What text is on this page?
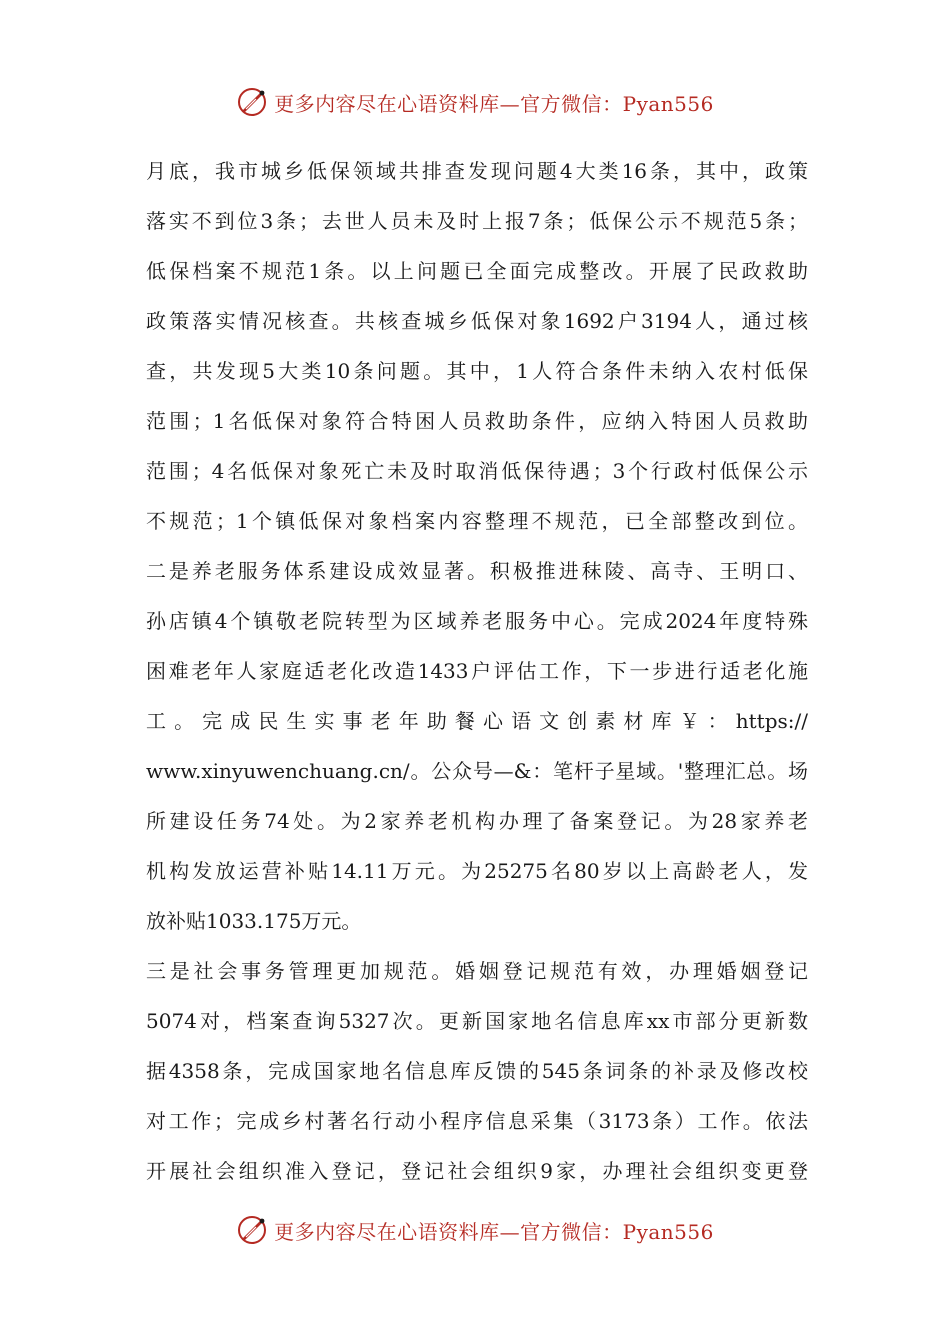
更多内容尽在心语资料库—官方微信：Pyan556
月底，我市城乡低保领域共排查发现问题4大类16条，其中，政策
落实不到位3条；去世人员未及时上报7条；低保公示不规范5条；
低保档案不规范1条。以上问题已全面完成整改。开展了民政救助
政策落实情况核查。共核查城乡低保对象1692户3194人，通过核
查，共发现5大类10条问题。其中，1人符合条件未纳入农村低保
范围；1名低保对象符合特困人员救助条件，应纳入特困人员救助
范围；4名低保对象死亡未及时取消低保待遇；3个行政村低保公示
不规范；1个镇低保对象档案内容整理不规范，已全部整改到位。
二是养老服务体系建设成效显著。积极推进秣陵、高寺、王明口、
孙店镇4个镇敬老院转型为区域养老服务中心。完成2024年度特殊
困难老年人家庭适老化改造1433户评估工作，下一步进行适老化施
工。完成民生实事老年助餐心语文创素材库￥：https://
www.xinyuwenchuang.cn/。公众号—&：笔杆子星域。'整理汇总。场
所建设任务74处。为2家养老机构办理了备案登记。为28家养老
机构发放运营补贴14.11万元。为25275名80岁以上高龄老人，发
放补贴1033.175万元。
三是社会事务管理更加规范。婚姻登记规范有效，办理婚姻登记
5074对，档案查询5327次。更新国家地名信息库xx市部分更新数
据4358条，完成国家地名信息库反馈的545条词条的补录及修改校
对工作；完成乡村著名行动小程序信息采集（3173条）工作。依法
开展社会组织准入登记，登记社会组织9家，办理社会组织变更登
更多内容尽在心语资料库—官方微信：Pyan556
